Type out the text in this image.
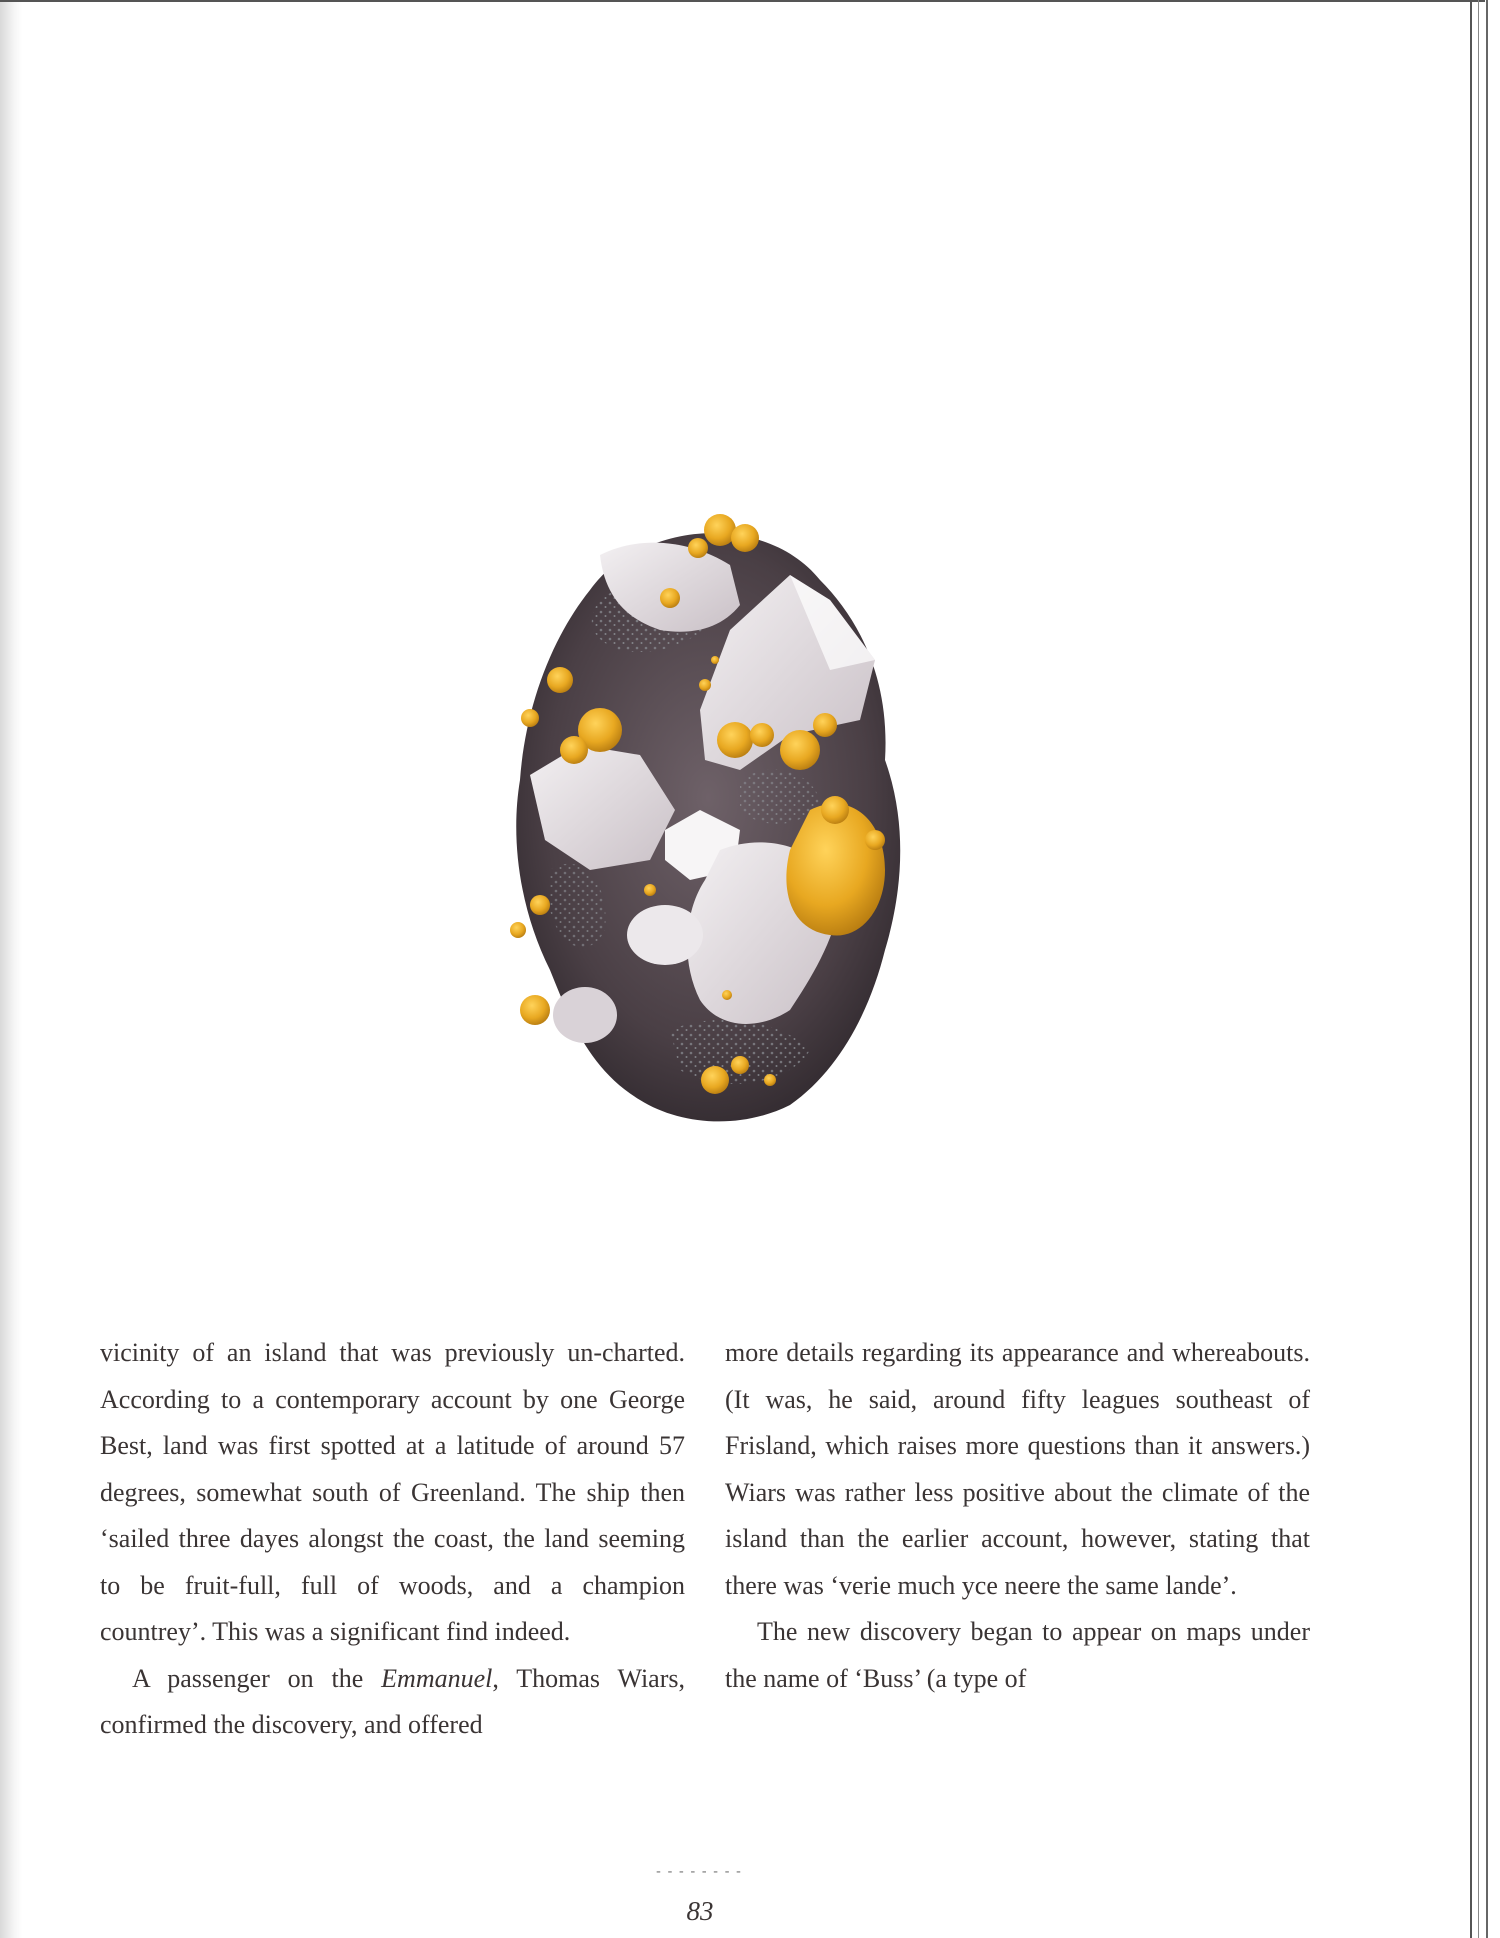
vicinity of an island that was previously un-charted. According to a contemporary account by one George Best, land was first spotted at a latitude of around 57 degrees, somewhat south of Greenland. The ship then ‘sailed three dayes alongst the coast, the land seeming to be fruit-full, full of woods, and a champion countrey’. This was a significant find indeed.

A passenger on the Emmanuel, Thomas Wiars, confirmed the discovery, and offered

more details regarding its appearance and whereabouts. (It was, he said, around fifty leagues southeast of Frisland, which raises more questions than it answers.) Wiars was rather less positive about the climate of the island than the earlier account, however, stating that there was ‘verie much yce neere the same lande’.

The new discovery began to appear on maps under the name of ‘Buss’ (a type of

--------
83
